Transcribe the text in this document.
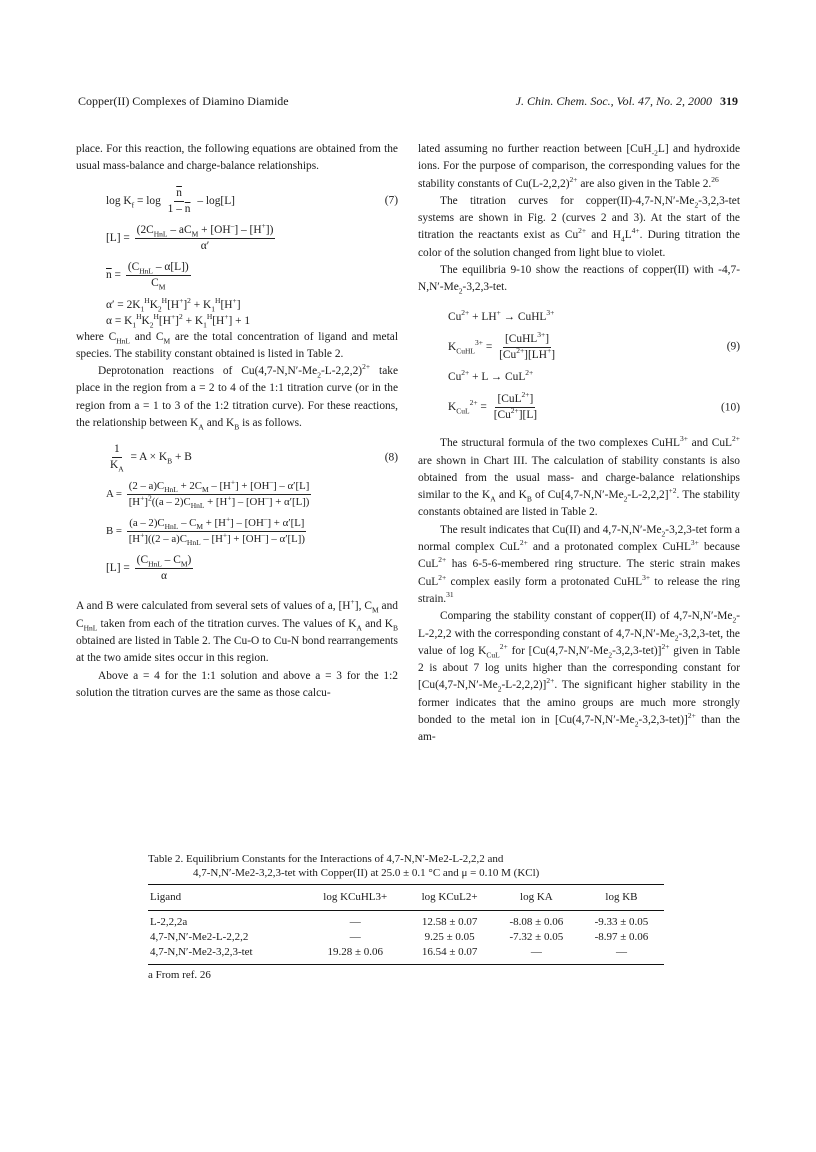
Copper(II) Complexes of Diamino Diamide	J. Chin. Chem. Soc., Vol. 47, No. 2, 2000 319

place. For this reaction, the following equations are obtained from the usual mass-balance and charge-balance relationships.

$\log K_f = \log \frac{\overline{n}}{1 - \overline{n}} - \log[L]$	(7)
$[L] = \frac{(2C_{HnL} - aC_M + [OH^-] - [H^+])}{\alpha'}$
$\overline{n} = \frac{(C_{HnL} - \alpha[L])}{C_M}$
$\alpha' = 2K_1^HK_2^H[H^+]^2 + K_1^H[H^+]$
$\alpha = K_1^HK_2^H[H^+]^2 + K_1^H[H^+] + 1$

where $C_{HnL}$ and $C_M$ are the total concentration of ligand and metal species. The stability constant obtained is listed in Table 2.

Deprotonation reactions of $Cu(4,7-N,N'-Me_2-L-2,2,2)^{2+}$ take place in the region from a = 2 to 4 of the 1:1 titration curve (or in the region from a = 1 to 3 of the 1:2 titration curve). For these reactions, the relationship between $K_A$ and $K_B$ is as follows.

$\frac{1}{K_A} = A \times K_B + B$	(8)
$A = \frac{(2 - a)C_{HnL} + 2C_M - [H^+] + [OH^-] - \alpha'[L]}{[H^+]^2((a - 2)C_{HnL} + [H^+] - [OH^-] + \alpha'[L])}$
$B = \frac{(a - 2)C_{HnL} - C_M + [H^+] - [OH^-] + \alpha'[L]}{[H^+]((2 - a)C_{HnL} - [H^+] + [OH^-] - \alpha'[L])}$
$[L] = \frac{(C_{HnL} - C_M)}{\alpha}$

A and B were calculated from several sets of values of a, [H+], $C_M$ and $C_{HnL}$ taken from each of the titration curves. The values of $K_A$ and $K_B$ obtained are listed in Table 2. The Cu-O to Cu-N bond rearrangements at the two amide sites occur in this region.

Above a = 4 for the 1:1 solution and above a = 3 for the 1:2 solution the titration curves are the same as those calcu-

lated assuming no further reaction between [CuH$_{-2}$L] and hydroxide ions. For the purpose of comparison, the corresponding values for the stability constants of $Cu(L-2,2,2)^{2+}$ are also given in the Table 2.26

The titration curves for $copper(II)-4,7-N,N'-Me_2-3,2,3$-tet systems are shown in Fig. 2 (curves 2 and 3). At the start of the titration the reactants exist as $Cu^{2+}$ and $H_4L^{4+}$. During titration the color of the solution changed from light blue to violet.

The equilibria 9-10 show the reactions of copper(II) with $-4,7-N,N'-Me_2-3,2,3$-tet.

$Cu^{2+} + LH^+$ → CuHL$^{3+}$
$K_{CuHL}^{3+} = \frac{[CuHL^{3+}]}{[Cu^{2+}][LH^+]}$	(9)
$Cu^{2+} + L \to CuL^{2+}$
$K_{CuL}^{2+} = \frac{[CuL^{2+}]}{[Cu^{2+}][L]}$	(10)

The structural formula of the two complexes CuHL$^{3+}$ and CuL$^{2+}$ are shown in Chart III. The calculation of stability constants is also obtained from the usual mass- and charge-balance relationships similar to the $K_A$ and $K_B$ of $Cu[4,7-N,N'-Me_2-L-2,2,2]^{+2}$. The stability constants obtained are listed in Table 2.

The result indicates that Cu(II) and $4,7-N,N'-Me_2-3,2,3$-tet form a normal complex CuL$^{2+}$ and a protonated complex CuHL$^{3+}$ because CuL$^{2+}$ has 6-5-6-membered ring structure. The steric strain makes CuL$^{2+}$ complex easily form a protonated CuHL$^{3+}$ to release the ring strain.$^{31}$

Comparing the stability constant of copper(II) of $4,7-N,N'-Me_2-L-2,2,2$ with the corresponding constant of $4,7-N,N'-Me_2-3,2,3$-tet, the value of $\log K_{CuL}^{2+}$ for $[Cu(4,7-N,N'-Me_2-3,2,3-tet)]^{2+}$ given in Table 2 is about 7 log units higher than the corresponding constant for $[Cu(4,7-N,N'-Me_2-L-2,2,2)]^{2+}$. The significant higher stability in the former indicates that the amino groups are much more strongly bonded to the metal ion in $[Cu(4,7-N,N'-Me_2-3,2,3-tet)]^{2+}$ than the am-

Table 2. Equilibrium Constants for the Interactions of 4,7-N,N′-Me2-L-2,2,2 and
4,7-N,N′-Me2-3,2,3-tet with Copper(II) at 25.0 ± 0.1 °C and μ = 0.10 M (KCl)
Ligand	log KCuHL3+	log KCuL2+	log KA	log KB
L-2,2,2a	—	12.58 ± 0.07	-8.08 ± 0.06	-9.33 ± 0.05
4,7-N,N′-Me2-L-2,2,2	—	9.25 ± 0.05	-7.32 ± 0.05	-8.97 ± 0.06
4,7-N,N′-Me2-3,2,3-tet	19.28 ± 0.06	16.54 ± 0.07	—	—
a From ref. 26
